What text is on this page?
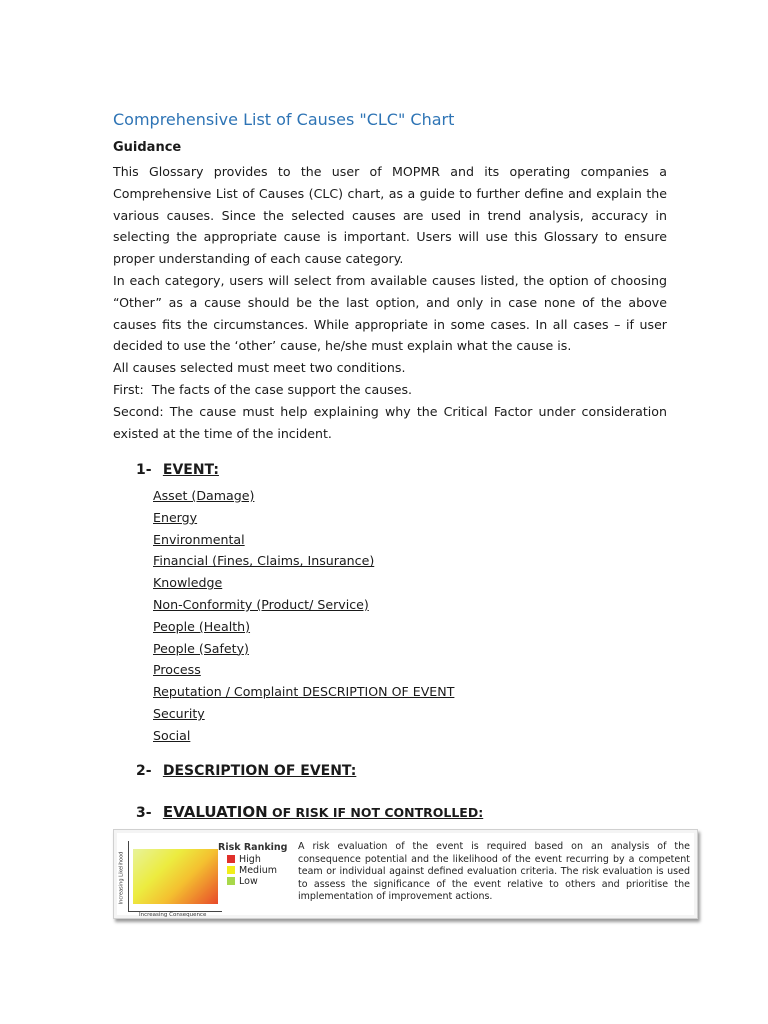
Comprehensive List of Causes "CLC" Chart
Guidance

This Glossary provides to the user of MOPMR and its operating companies a Comprehensive List of Causes (CLC) chart, as a guide to further define and explain the various causes. Since the selected causes are used in trend analysis, accuracy in selecting the appropriate cause is important. Users will use this Glossary to ensure proper understanding of each cause category.

In each category, users will select from available causes listed, the option of choosing “Other” as a cause should be the last option, and only in case none of the above causes fits the circumstances. While appropriate in some cases. In all cases – if user decided to use the ‘other’ cause, he/she must explain what the cause is.

All causes selected must meet two conditions.

First:  The facts of the case support the causes.

Second: The cause must help explaining why the Critical Factor under consideration existed at the time of the incident.

1- EVENT:
Asset (Damage)
Energy
Environmental
Financial (Fines, Claims, Insurance)
Knowledge
Non-Conformity (Product/ Service)
People (Health)
People (Safety)
Process
Reputation / Complaint DESCRIPTION OF EVENT
Security
Social
2- DESCRIPTION OF EVENT:
3- EVALUATION OF RISK IF NOT CONTROLLED:
Increasing Likelihood
Increasing Consequence
Risk Ranking
High
Medium
Low
A risk evaluation of the event is required based on an analysis of the consequence potential and the likelihood of the event recurring by a competent team or individual against defined evaluation criteria. The risk evaluation is used to assess the significance of the event relative to others and prioritise the implementation of improvement actions.
